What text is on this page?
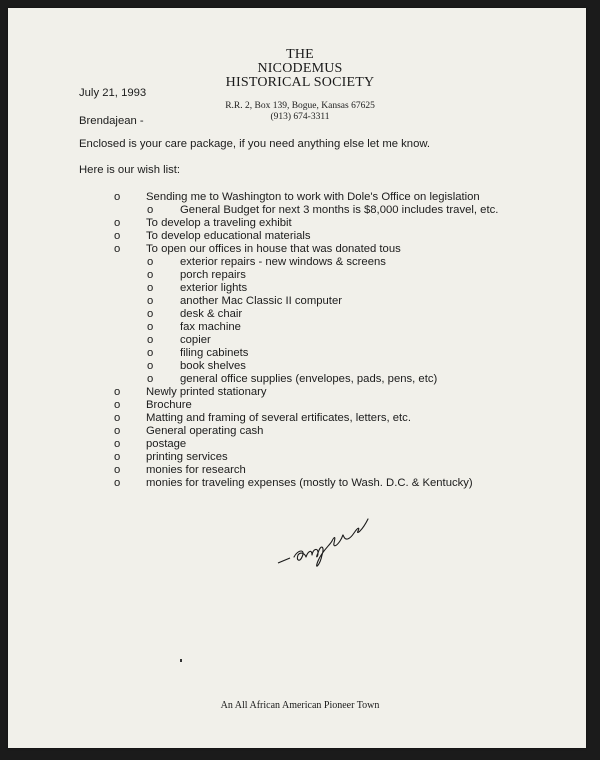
THE
NICODEMUS
HISTORICAL SOCIETY
R.R. 2, Box 139, Bogue, Kansas 67625
(913) 674-3311
July 21, 1993
Brendajean -
Enclosed is your care package, if you need anything else let me know.
Here is our wish list:
o	Sending me to Washington to work with Dole's Office on legislation
o	General Budget for next 3 months is $8,000 includes travel, etc.
o	To develop a traveling exhibit
o	To develop educational materials
o	To open our offices in house that was donated tous
o	exterior repairs - new windows & screens
o	porch repairs
o	exterior lights
o	another Mac Classic II computer
o	desk & chair
o	fax machine
o	copier
o	filing cabinets
o	book shelves
o	general office supplies (envelopes, pads, pens, etc)
o	Newly printed stationary
o	Brochure
o	Matting and framing of several ertificates, letters, etc.
o	General operating cash
o	postage
o	printing services
o	monies for research
o	monies for traveling expenses (mostly to Wash. D.C. & Kentucky)
An All African American Pioneer Town
